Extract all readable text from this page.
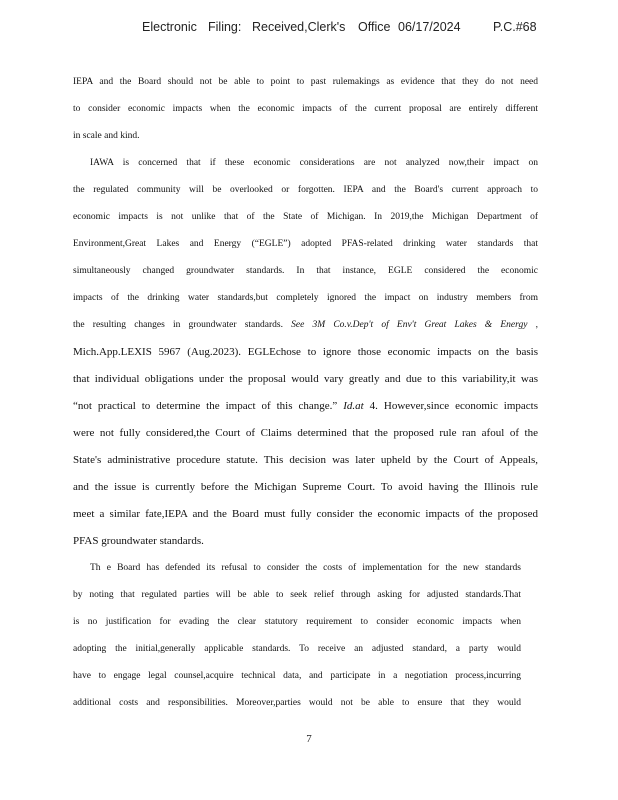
Electronic Filing: Received,Clerk's Office 06/17/2024	P.C.#68
IEPA and the Board should not be able to point to past rulemakings as evidence that they do not need
to consider economic impacts when the economic impacts of the current proposal are entirely different
in scale and kind.
IAWA is concerned that if these economic considerations are not analyzed now,their impact on
the regulated community will be overlooked or forgotten. IEPA and the Board's current approach to
economic impacts is not unlike that of the State of Michigan. In 2019,the Michigan Department of
Environment,Great Lakes and Energy (“EGLE”) adopted PFAS-related drinking water standards that
simultaneously changed groundwater standards. In that instance, EGLE considered the economic
impacts of the drinking water standards,but completely ignored the impact on industry members from
the resulting changes in groundwater standards. See 3M Co.v.Dep't of Env't Great Lakes & Energy ,
Mich.App.LEXIS 5967 (Aug.2023). EGLEchose to ignore those economic impacts on the basis
that individual obligations under the proposal would vary greatly and due to this variability,it was
“not practical to determine the impact of this change.” Id.at 4. However,since economic impacts
were not fully considered,the Court of Claims determined that the proposed rule ran afoul of the
State's administrative procedure statute. This decision was later upheld by the Court of Appeals,
and the issue is currently before the Michigan Supreme Court. To avoid having the Illinois rule
meet a similar fate,IEPA and the Board must fully consider the economic impacts of the proposed
PFAS groundwater standards.
Th e Board has defended its refusal to consider the costs of implementation for the new standards
by noting that regulated parties will be able to seek relief through asking for adjusted standards.That
is no justification for evading the clear statutory requirement to consider economic impacts when
adopting the initial,generally applicable standards. To receive an adjusted standard, a party would
have to engage legal counsel,acquire technical data, and participate in a negotiation process,incurring
additional costs and responsibilities. Moreover,parties would not be able to ensure that they would
7
